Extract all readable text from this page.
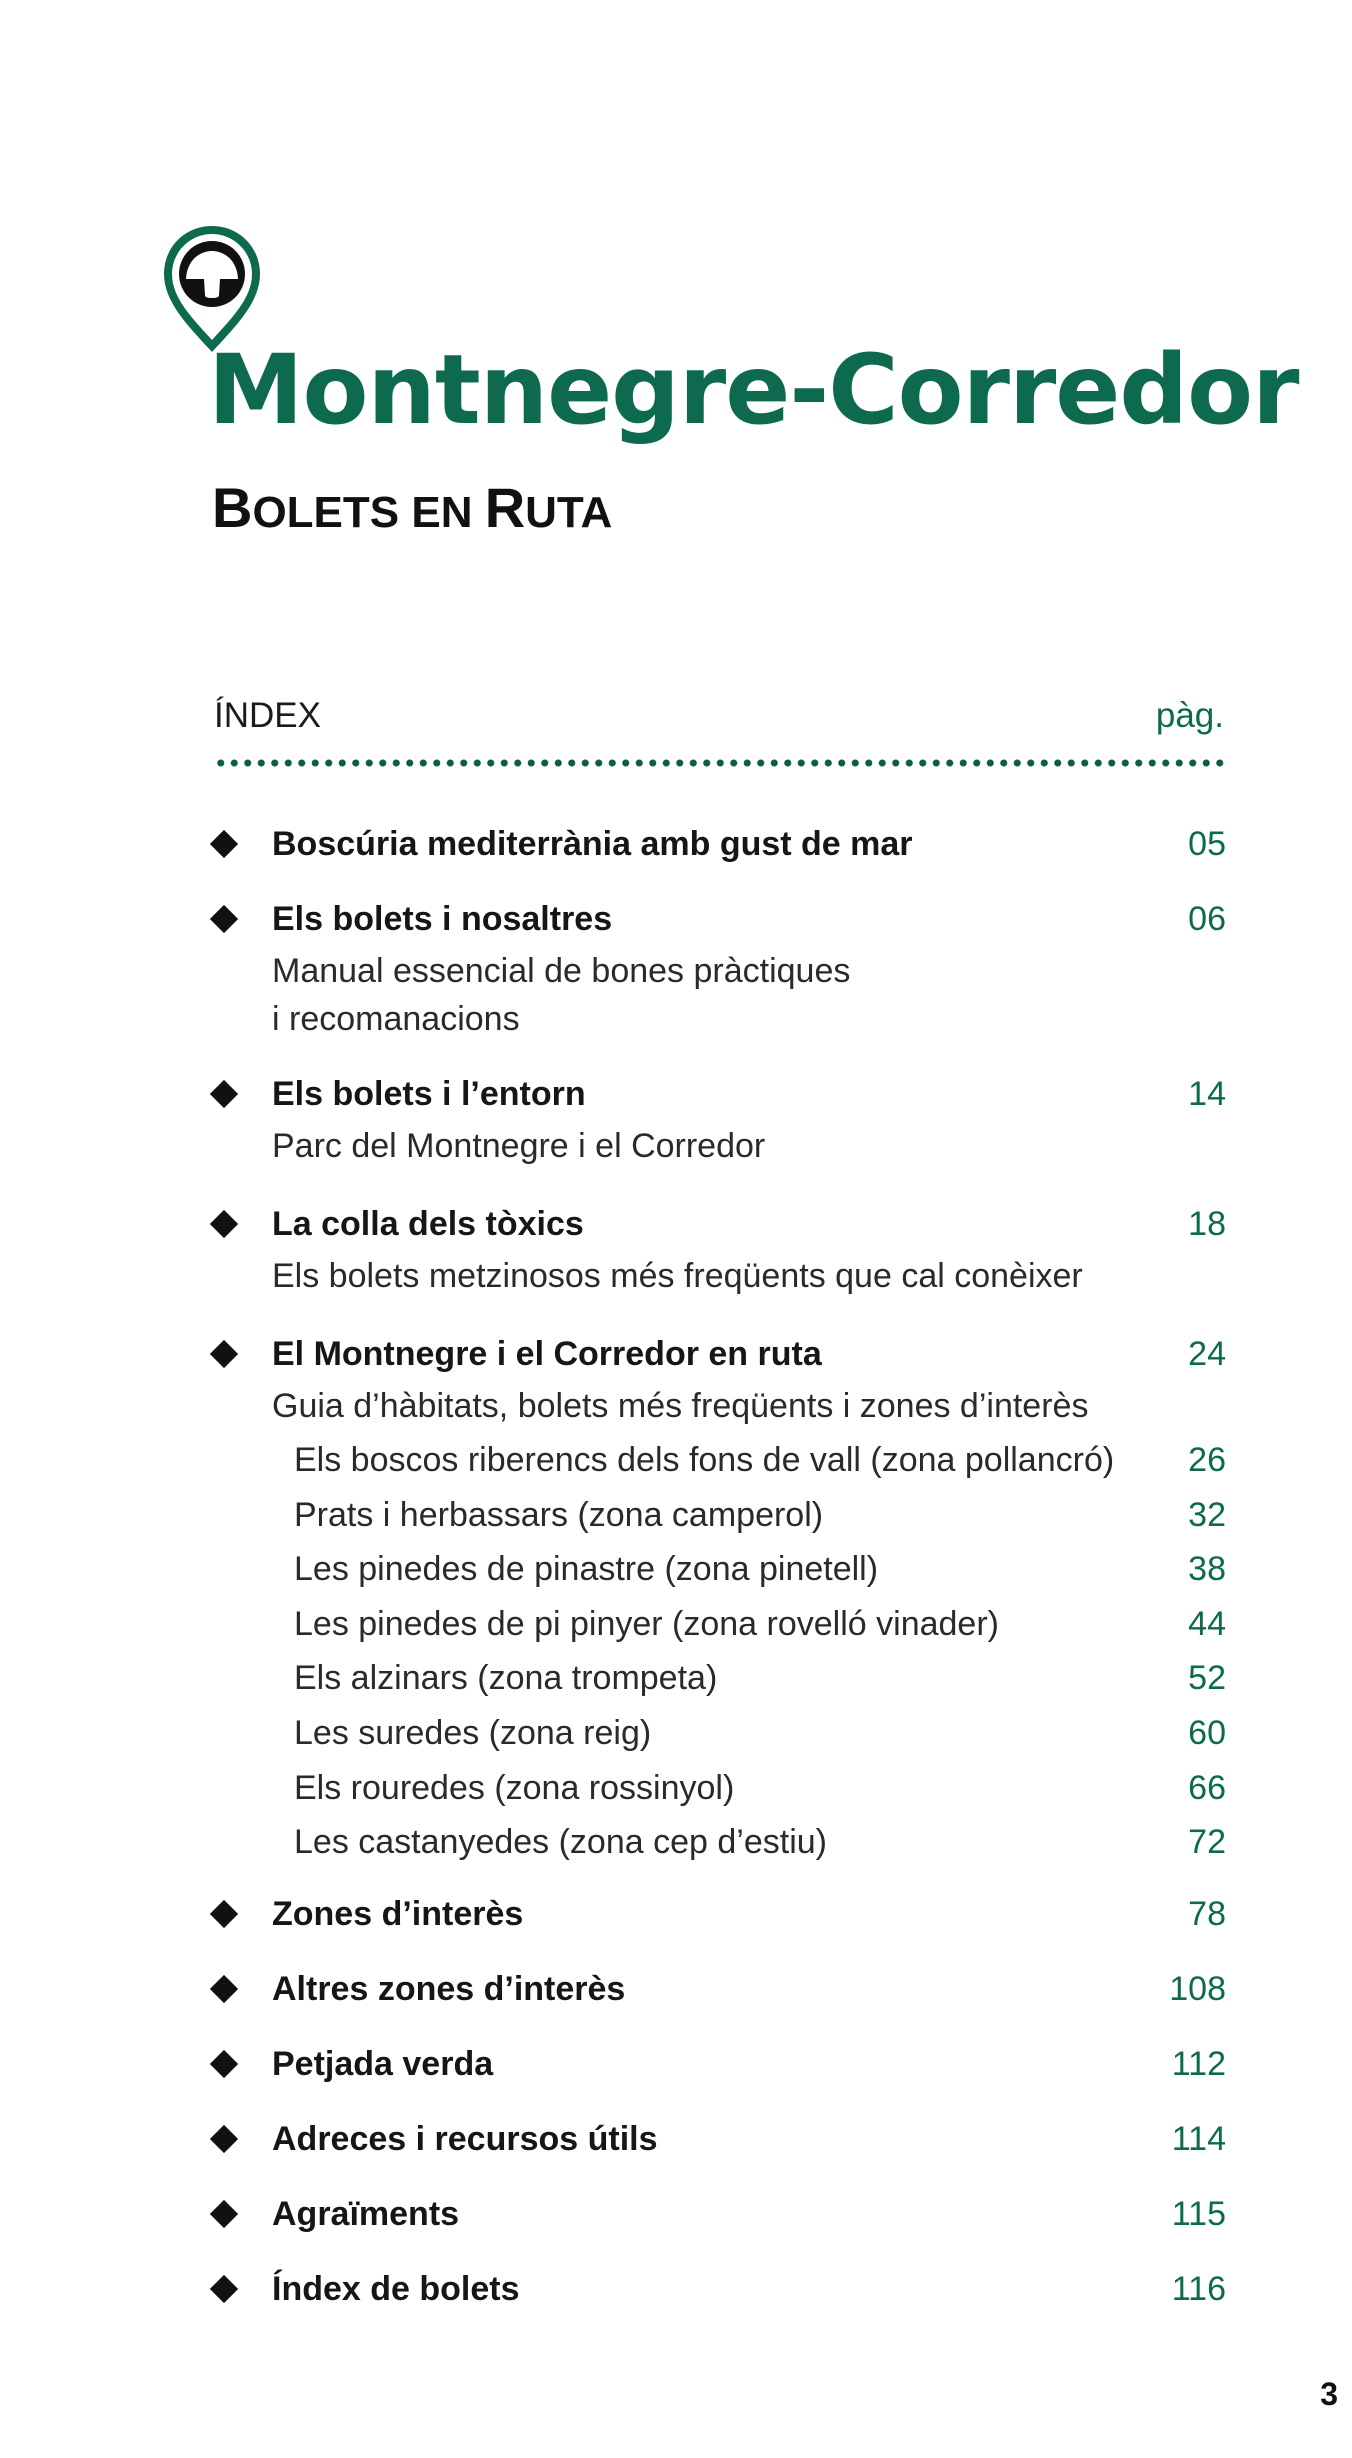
Montnegre-Corredor
BOLETS EN RUTA
ÍNDEX	pàg.
Boscúria mediterrània amb gust de mar	05
Els bolets i nosaltres	06
Manual essencial de bones pràctiques
i recomanacions
Els bolets i l’entorn	14
Parc del Montnegre i el Corredor
La colla dels tòxics	18
Els bolets metzinosos més freqüents que cal conèixer
El Montnegre i el Corredor en ruta	24
Guia d’hàbitats, bolets més freqüents i zones d’interès
Els boscos riberencs dels fons de vall (zona pollancró) 26
Prats i herbassars (zona camperol)	32
Les pinedes de pinastre (zona pinetell)	38
Les pinedes de pi pinyer (zona rovelló vinader)	44
Els alzinars (zona trompeta)	52
Les suredes (zona reig)	60
Els rouredes (zona rossinyol)	66
Les castanyedes (zona cep d’estiu)	72
Zones d’interès	78
Altres zones d’interès	108
Petjada verda	112
Adreces i recursos útils	114
Agraïments	115
Índex de bolets	116
3
